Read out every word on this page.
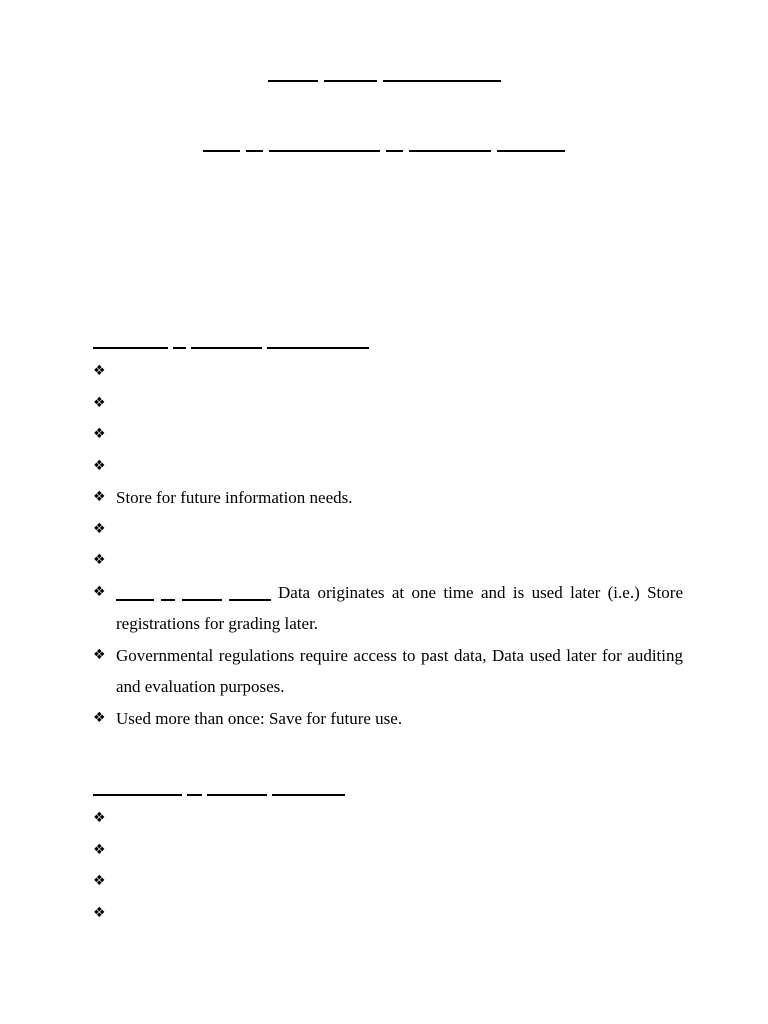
❖
❖
❖
❖
❖ Store for future information needs.
❖
❖
❖	Data originates at one time and is used later (i.e.) Store registrations for grading later.
❖ Governmental regulations require access to past data, Data used later for auditing and evaluation purposes.
❖ Used more than once: Save for future use.

❖
❖
❖
❖
